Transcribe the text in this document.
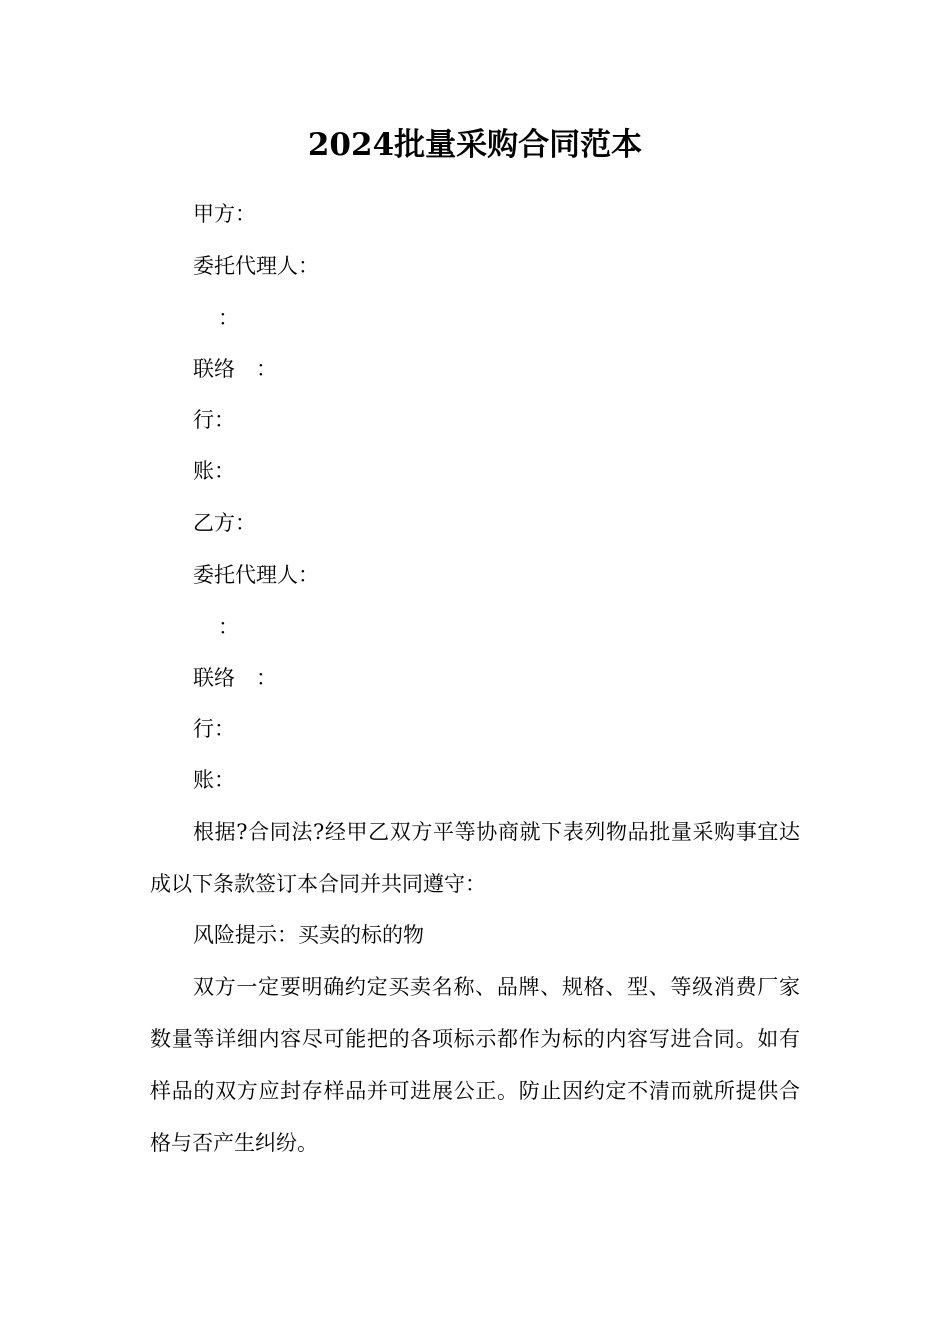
2024批量采购合同范本
甲方：
委托代理人：
：
联络　：
行：
账：
乙方：
委托代理人：
：
联络　：
行：
账：
根据?合同法?经甲乙双方平等协商就下表列物品批量采购事宜达成以下条款签订本合同并共同遵守：
风险提示：买卖的标的物
双方一定要明确约定买卖名称、品牌、规格、型、等级消费厂家数量等详细内容尽可能把的各项标示都作为标的内容写进合同。如有样品的双方应封存样品并可进展公正。防止因约定不清而就所提供合格与否产生纠纷。
